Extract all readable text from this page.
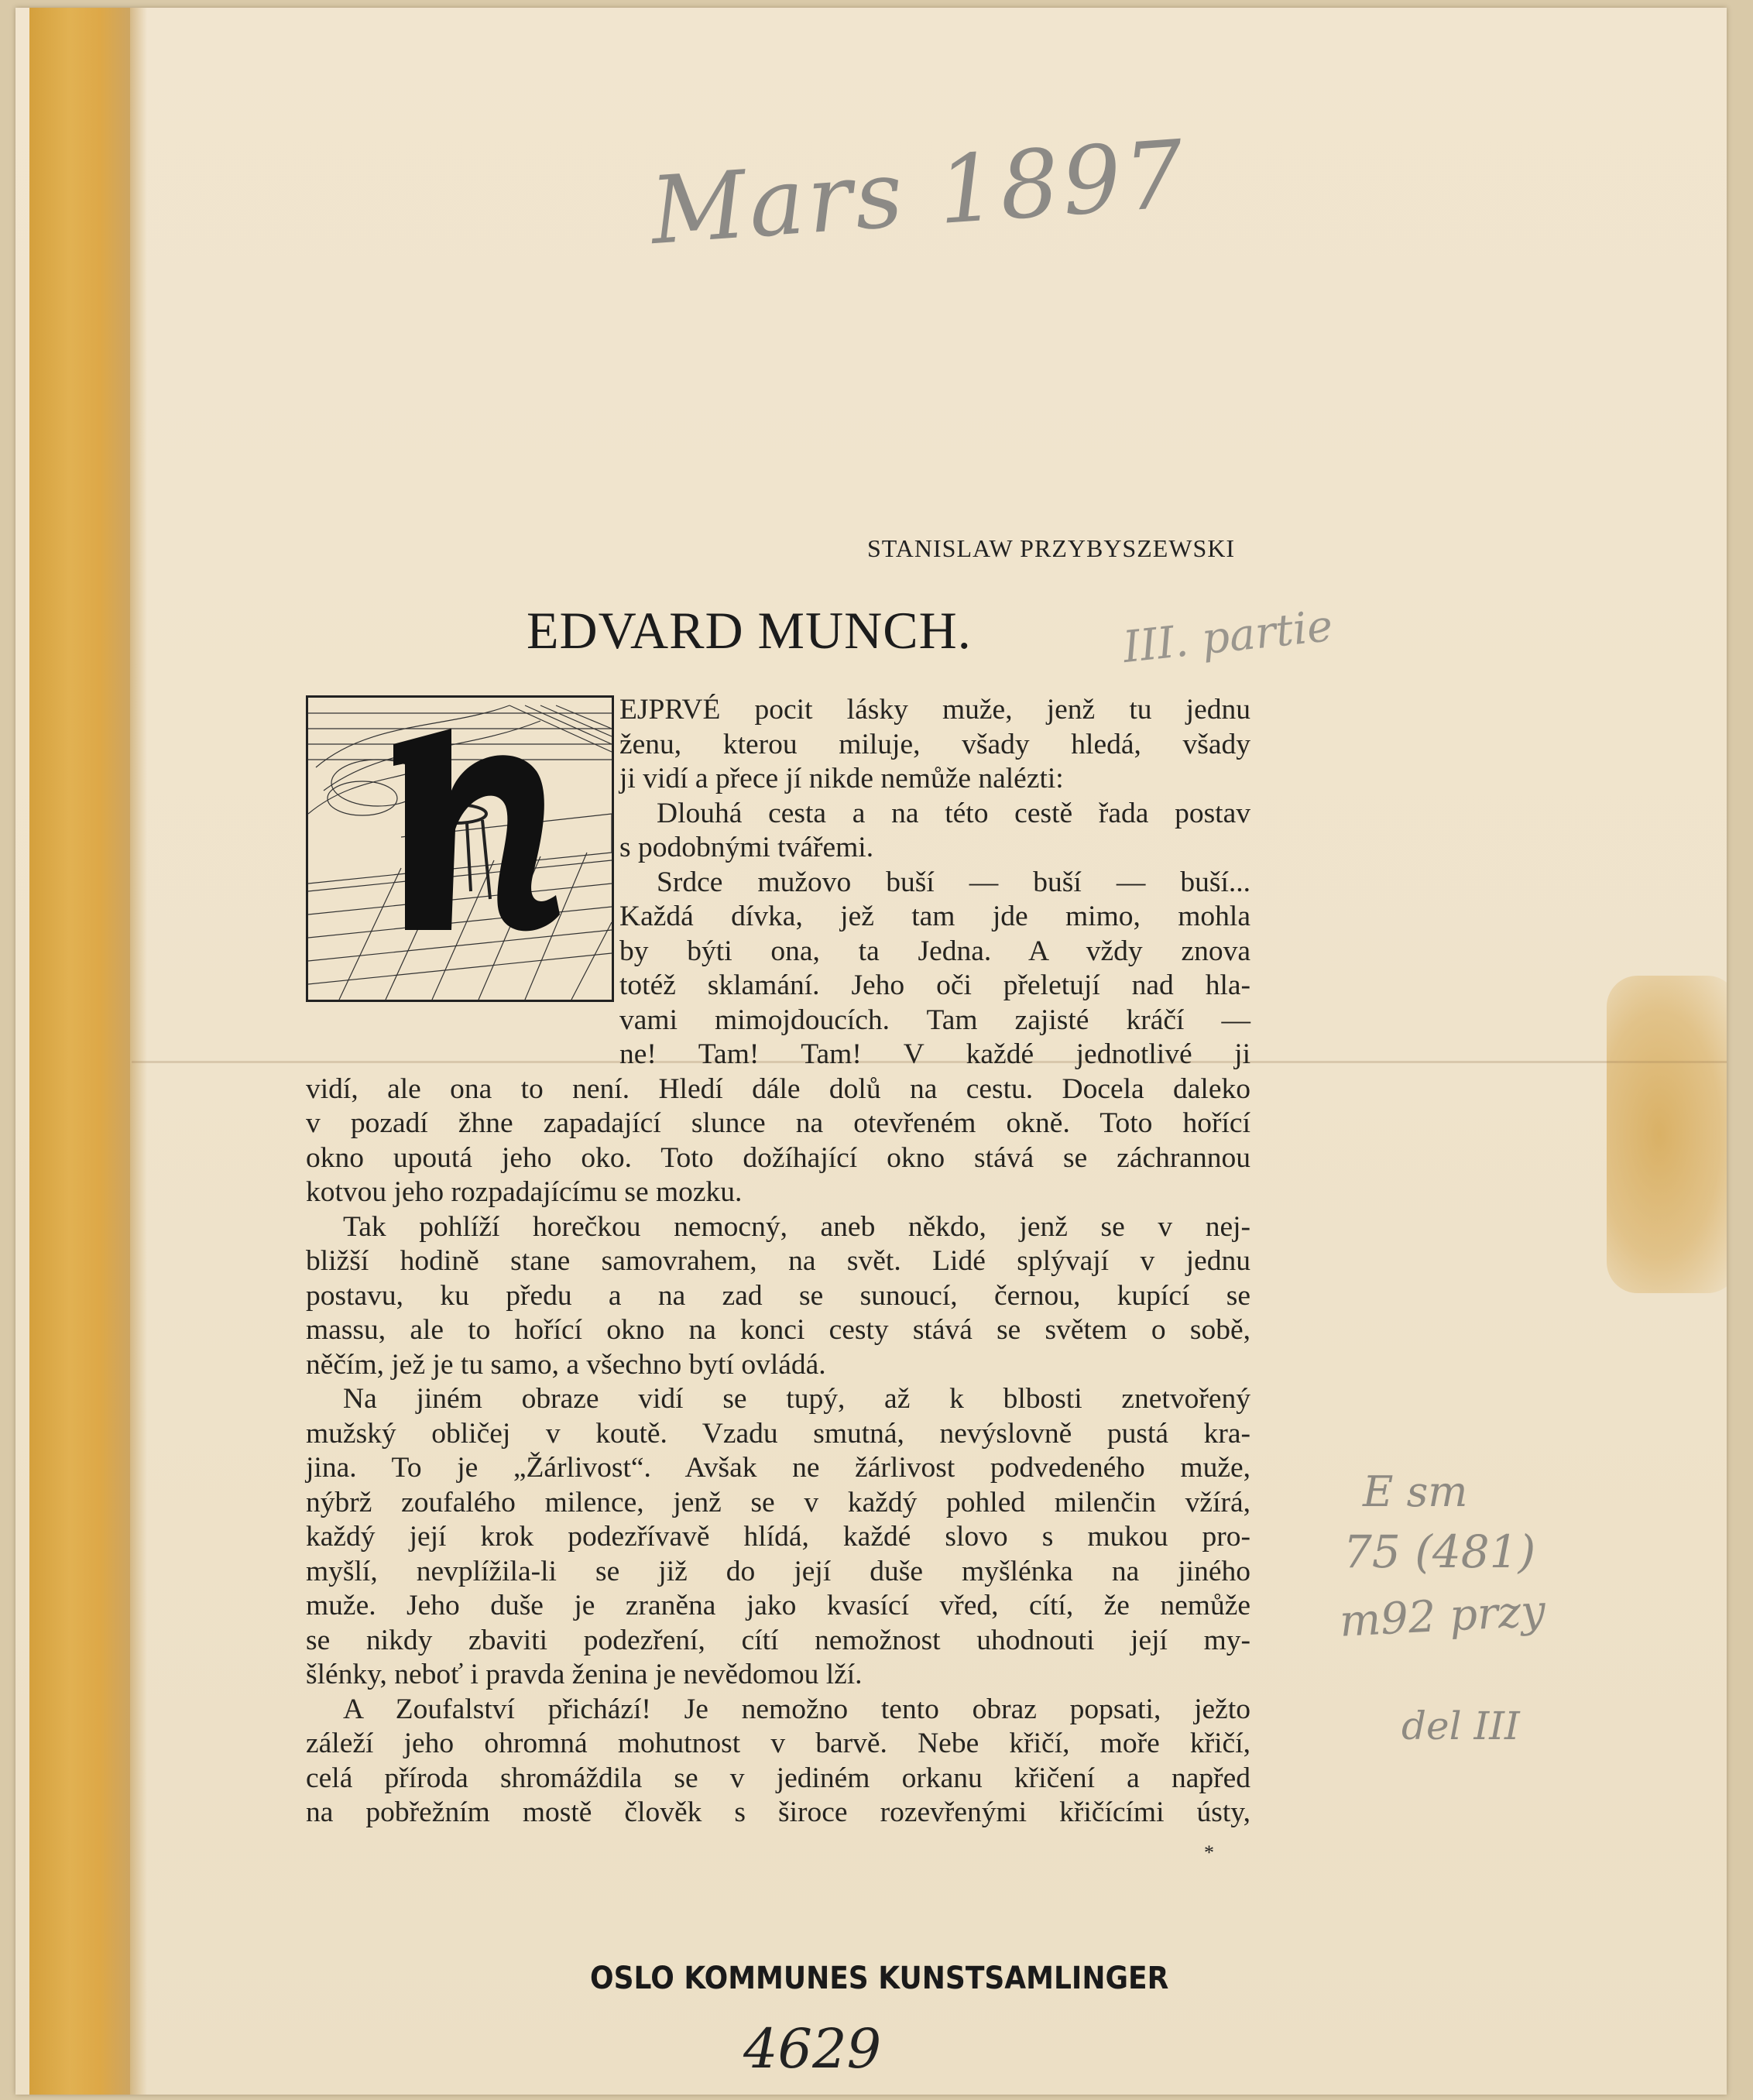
Mars 1897
STANISLAW PRZYBYSZEWSKI
EDVARD MUNCH.	III. partie
EJPRVÉ pocit lásky muže, jenž tu jednu
ženu, kterou miluje, všady hledá, všady
ji vidí a přece jí nikde nemůže nalézti:
Dlouhá cesta a na této cestě řada postav
s podobnými tvářemi.
Srdce mužovo buší — buší — buší...
Každá dívka, jež tam jde mimo, mohla
by býti ona, ta Jedna. A vždy znova
totéž sklamání. Jeho oči přeletují nad hla-
vami mimojdoucích. Tam zajisté kráčí —
ne! Tam! Tam! V každé jednotlivé ji
vidí, ale ona to není. Hledí dále dolů na cestu. Docela daleko
v pozadí žhne zapadající slunce na otevřeném okně. Toto hořící
okno upoutá jeho oko. Toto dožíhající okno stává se záchrannou
kotvou jeho rozpadajícímu se mozku.
Tak pohlíží horečkou nemocný, aneb někdo, jenž se v nej-
bližší hodině stane samovrahem, na svět. Lidé splývají v jednu
postavu, ku předu a na zad se sunoucí, černou, kupící se
massu, ale to hořící okno na konci cesty stává se světem o sobě,
něčím, jež je tu samo, a všechno bytí ovládá.
Na jiném obraze vidí se tupý, až k blbosti znetvořený
mužský obličej v koutě. Vzadu smutná, nevýslovně pustá kra-
jina. To je „Žárlivost“. Avšak ne žárlivost podvedeného muže,
nýbrž zoufalého milence, jenž se v každý pohled milenčin vžírá,
každý její krok podezřívavě hlídá, každé slovo s mukou pro-
myšlí, nevplížila-li se již do její duše myšlénka na jiného
muže. Jeho duše je zraněna jako kvasící vřed, cítí, že nemůže
se nikdy zbaviti podezření, cítí nemožnost uhodnouti její my-
šlénky, neboť i pravda ženina je nevědomou lží.
A Zoufalství přichází! Je nemožno tento obraz popsati, ježto
záleží jeho ohromná mohutnost v barvě. Nebe křičí, moře křičí,
celá příroda shromáždila se v jediném orkanu křičení a napřed
na pobřežním mostě člověk s široce rozevřenými křičícími ústy,
*
E sm
75 (481)
m92 przy
del III
OSLO KOMMUNES KUNSTSAMLINGER
4629
